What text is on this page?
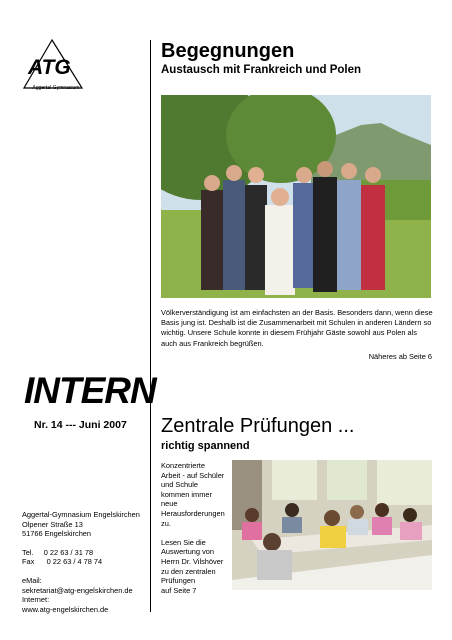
ATG
Aggertal-Gymnasium
INTERN
Nr. 14 --- Juni 2007
Aggertal-Gymnasium Engelskirchen
Olpener Straße 13
51766 Engelskirchen
Tel.     0 22 63 / 31 78
Fax      0 22 63 / 4 78 74
eMail:
sekretariat@atg-engelskirchen.de
Internet:
www.atg-engelskirchen.de
Begegnungen
Austausch mit Frankreich und Polen
Völkerverständigung ist am einfachsten an der Basis. Besonders dann, wenn diese Basis jung ist. Deshalb ist die Zusammenarbeit mit Schulen in anderen Ländern so wichtig. Unsere Schule konnte in diesem Frühjahr Gäste sowohl aus Polen als auch aus Frankreich begrüßen.
Näheres ab Seite 6
Zentrale Prüfungen ...
richtig spannend
Konzentrierte
Arbeit - auf Schüler
und Schule
kommen immer
neue
Herausforderungen
zu.
Lesen Sie die
Auswertung von
Herrn Dr. Vilshöver
zu den zentralen
Prüfungen
auf Seite 7
